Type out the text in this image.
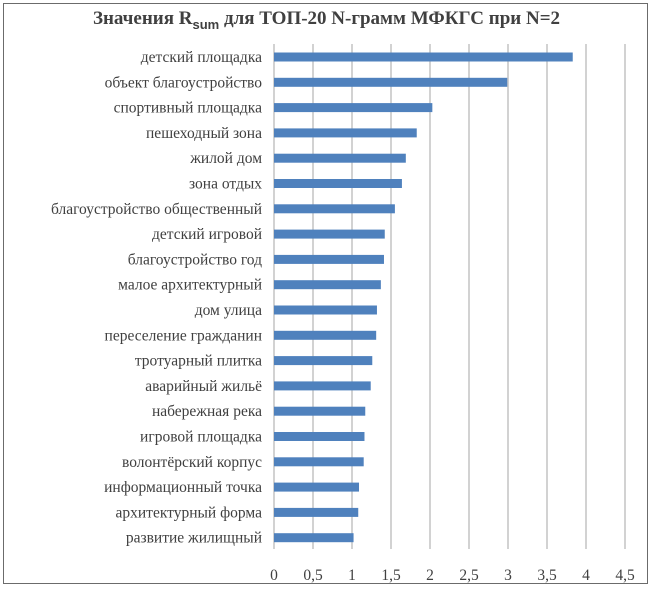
Значения $R_{sum}$ для ТОП-20 N-грамм МФКГС при N=2
детский площадка
объект благоустройство
спортивный площадка
пешеходный зона
жилой дом
зона отдых
благоустройство общественный
детский игровой
благоустройство год
малое архитектурный
дом улица
переселение гражданин
тротуарный плитка
аварийный жильё
набережная река
игровой площадка
волонтёрский корпус
информационный точка
архитектурный форма
развитие жилищный
0 0,5 1 1,5 2 2,5 3 3,5 4 4,5
